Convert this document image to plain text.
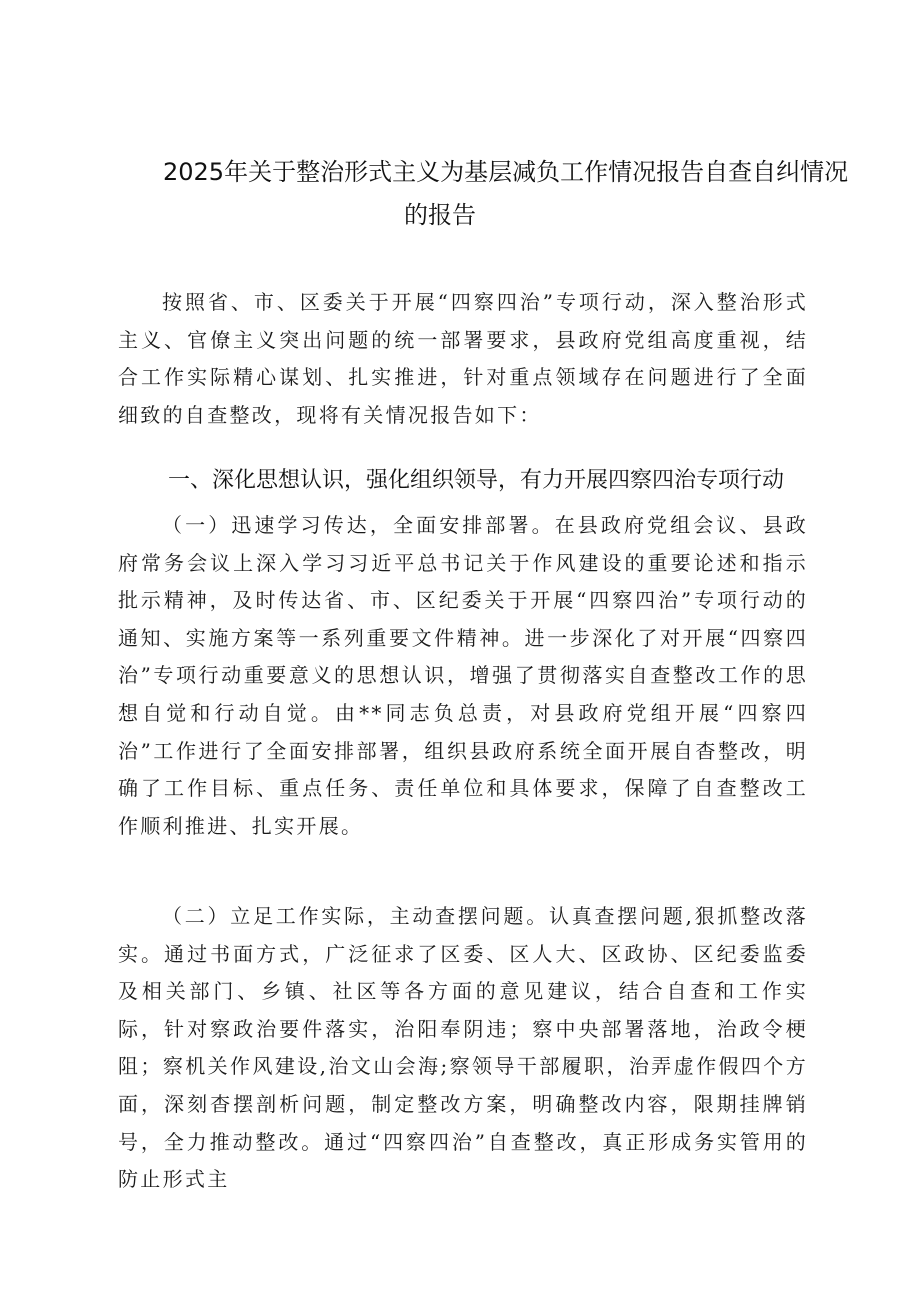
2025年关于整治形式主义为基层减负工作情况报告自查自纠情况
的报告

按照省、市、区委关于开展“四察四治”专项行动，深入整治形式主义、官僚主义突出问题的统一部署要求，县政府党组高度重视，结合工作实际精心谋划、扎实推进，针对重点领域存在问题进行了全面细致的自查整改，现将有关情况报告如下：

一、深化思想认识，强化组织领导，有力开展四察四治专项行动

（一）迅速学习传达，全面安排部署。在县政府党组会议、县政府常务会议上深入学习习近平总书记关于作风建设的重要论述和指示批示精神，及时传达省、市、区纪委关于开展“四察四治”专项行动的通知、实施方案等一系列重要文件精神。进一步深化了对开展“四察四治”专项行动重要意义的思想认识，增强了贯彻落实自查整改工作的思想自觉和行动自觉。由**同志负总责，对县政府党组开展“四察四治”工作进行了全面安排部署，组织县政府系统全面开展自杳整改，明确了工作目标、重点任务、责任单位和具体要求，保障了自查整改工作顺利推进、扎实开展。

（二）立足工作实际，主动查摆问题。认真查摆问题,狠抓整改落实。通过书面方式，广泛征求了区委、区人大、区政协、区纪委监委及相关部门、乡镇、社区等各方面的意见建议，结合自查和工作实际，针对察政治要件落实，治阳奉阴违；察中央部署落地，治政令梗阻；察机关作风建设,治文山会海;察领导干部履职，治弄虚作假四个方面，深刻杳摆剖析问题，制定整改方案，明确整改内容，限期挂牌销号，全力推动整改。通过“四察四治”自查整改，真正形成务实管用的防止形式主
